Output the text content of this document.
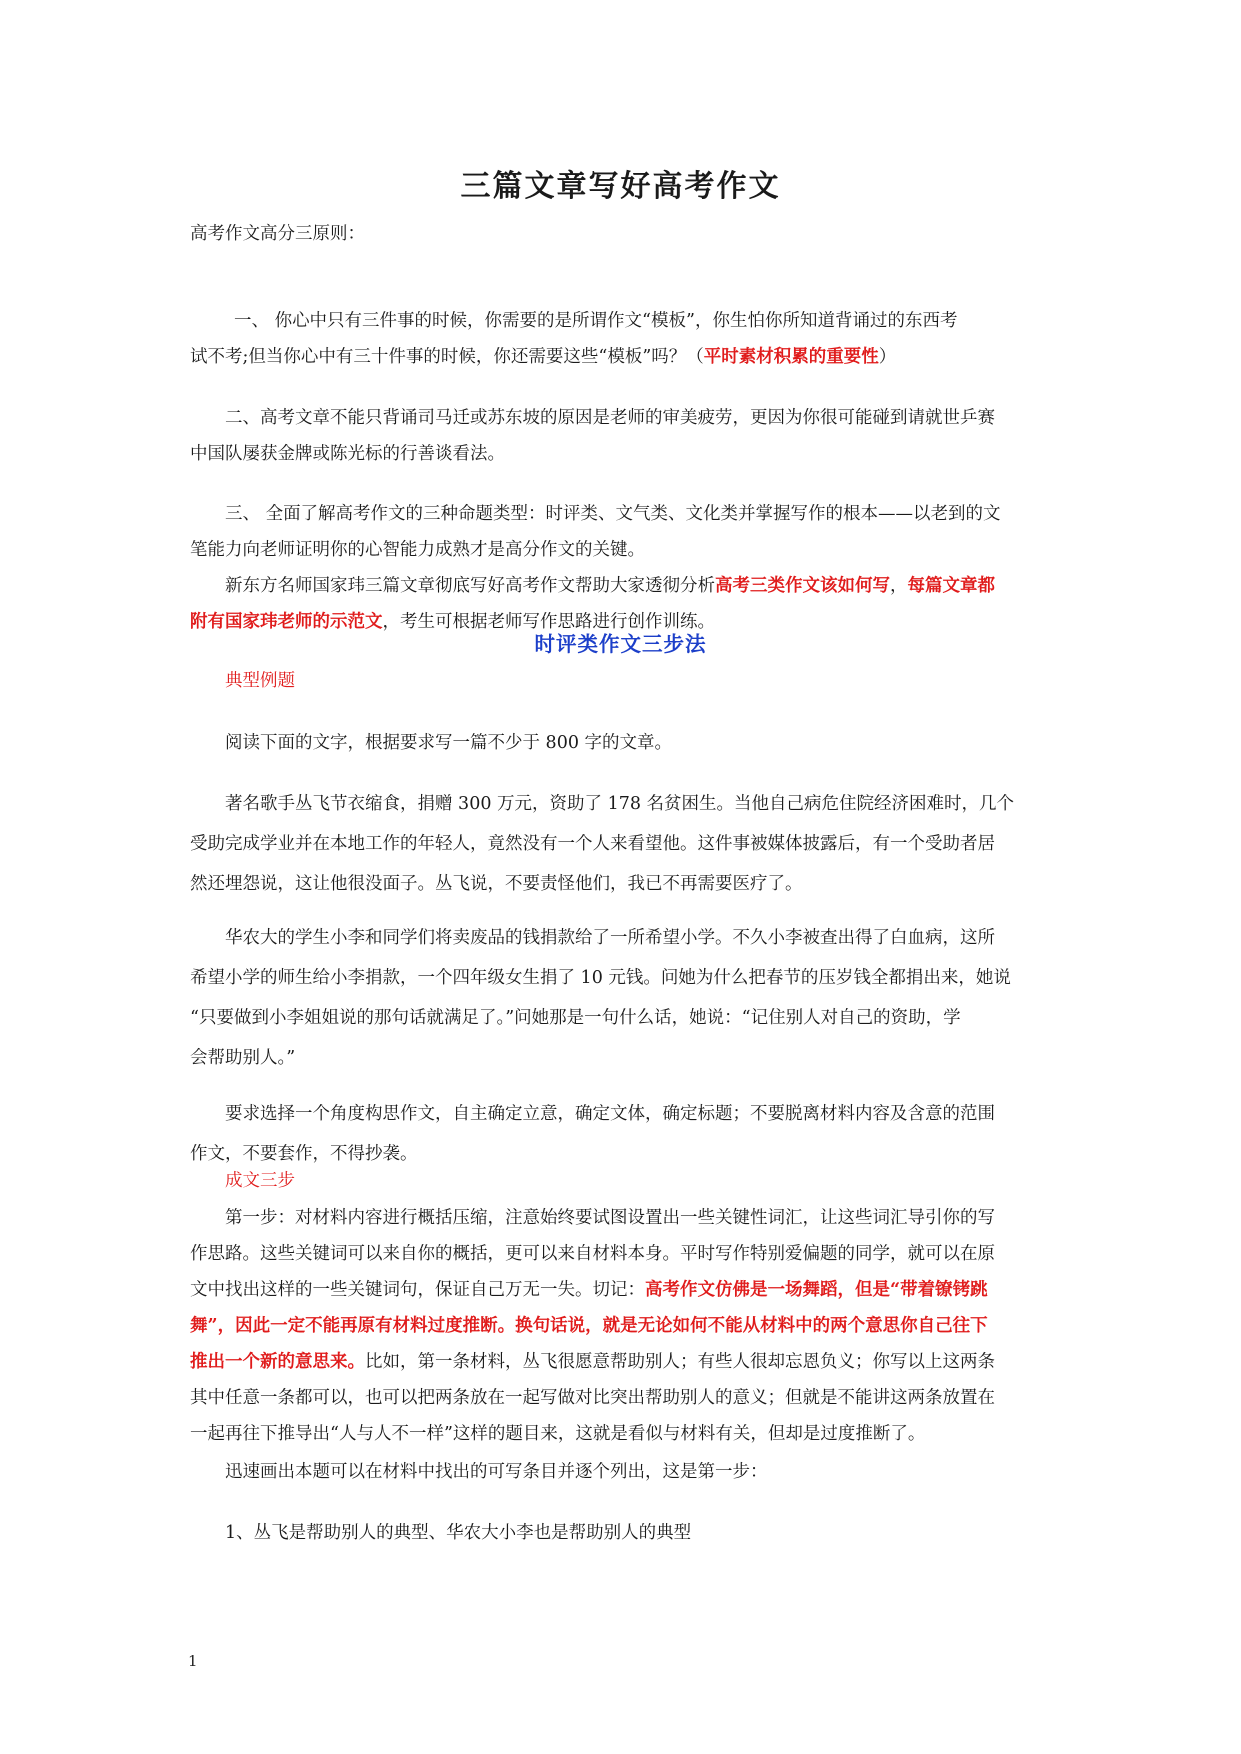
三篇文章写好高考作文
高考作文高分三原则：
一、 你心中只有三件事的时候，你需要的是所谓作文“模板”，你生怕你所知道背诵过的东西考
试不考;但当你心中有三十件事的时候，你还需要这些“模板”吗？（平时素材积累的重要性）
二、高考文章不能只背诵司马迁或苏东坡的原因是老师的审美疲劳，更因为你很可能碰到请就世乒赛
中国队屡获金牌或陈光标的行善谈看法。
三、 全面了解高考作文的三种命题类型：时评类、文气类、文化类并掌握写作的根本——以老到的文
笔能力向老师证明你的心智能力成熟才是高分作文的关键。
新东方名师国家玮三篇文章彻底写好高考作文帮助大家透彻分析高考三类作文该如何写，每篇文章都
附有国家玮老师的示范文，考生可根据老师写作思路进行创作训练。
时评类作文三步法
典型例题
阅读下面的文字，根据要求写一篇不少于 800 字的文章。
著名歌手丛飞节衣缩食，捐赠 300 万元，资助了 178 名贫困生。当他自己病危住院经济困难时，几个
受助完成学业并在本地工作的年轻人，竟然没有一个人来看望他。这件事被媒体披露后，有一个受助者居
然还埋怨说，这让他很没面子。丛飞说，不要责怪他们，我已不再需要医疗了。
华农大的学生小李和同学们将卖废品的钱捐款给了一所希望小学。不久小李被查出得了白血病，这所
希望小学的师生给小李捐款，一个四年级女生捐了 10 元钱。问她为什么把春节的压岁钱全都捐出来，她说
“只要做到小李姐姐说的那句话就满足了。”问她那是一句什么话，她说：“记住别人对自己的资助，学
会帮助别人。”
要求选择一个角度构思作文，自主确定立意，确定文体，确定标题；不要脱离材料内容及含意的范围
作文，不要套作，不得抄袭。
成文三步
第一步：对材料内容进行概括压缩，注意始终要试图设置出一些关键性词汇，让这些词汇导引你的写
作思路。这些关键词可以来自你的概括，更可以来自材料本身。平时写作特别爱偏题的同学，就可以在原
文中找出这样的一些关键词句，保证自己万无一失。切记：高考作文仿佛是一场舞蹈，但是“带着镣铐跳
舞”，因此一定不能再原有材料过度推断。换句话说，就是无论如何不能从材料中的两个意思你自己往下
推出一个新的意思来。比如，第一条材料，丛飞很愿意帮助别人；有些人很却忘恩负义；你写以上这两条
其中任意一条都可以，也可以把两条放在一起写做对比突出帮助别人的意义；但就是不能讲这两条放置在
一起再往下推导出“人与人不一样”这样的题目来，这就是看似与材料有关，但却是过度推断了。
迅速画出本题可以在材料中找出的可写条目并逐个列出，这是第一步：
1、丛飞是帮助别人的典型、华农大小李也是帮助别人的典型
1
